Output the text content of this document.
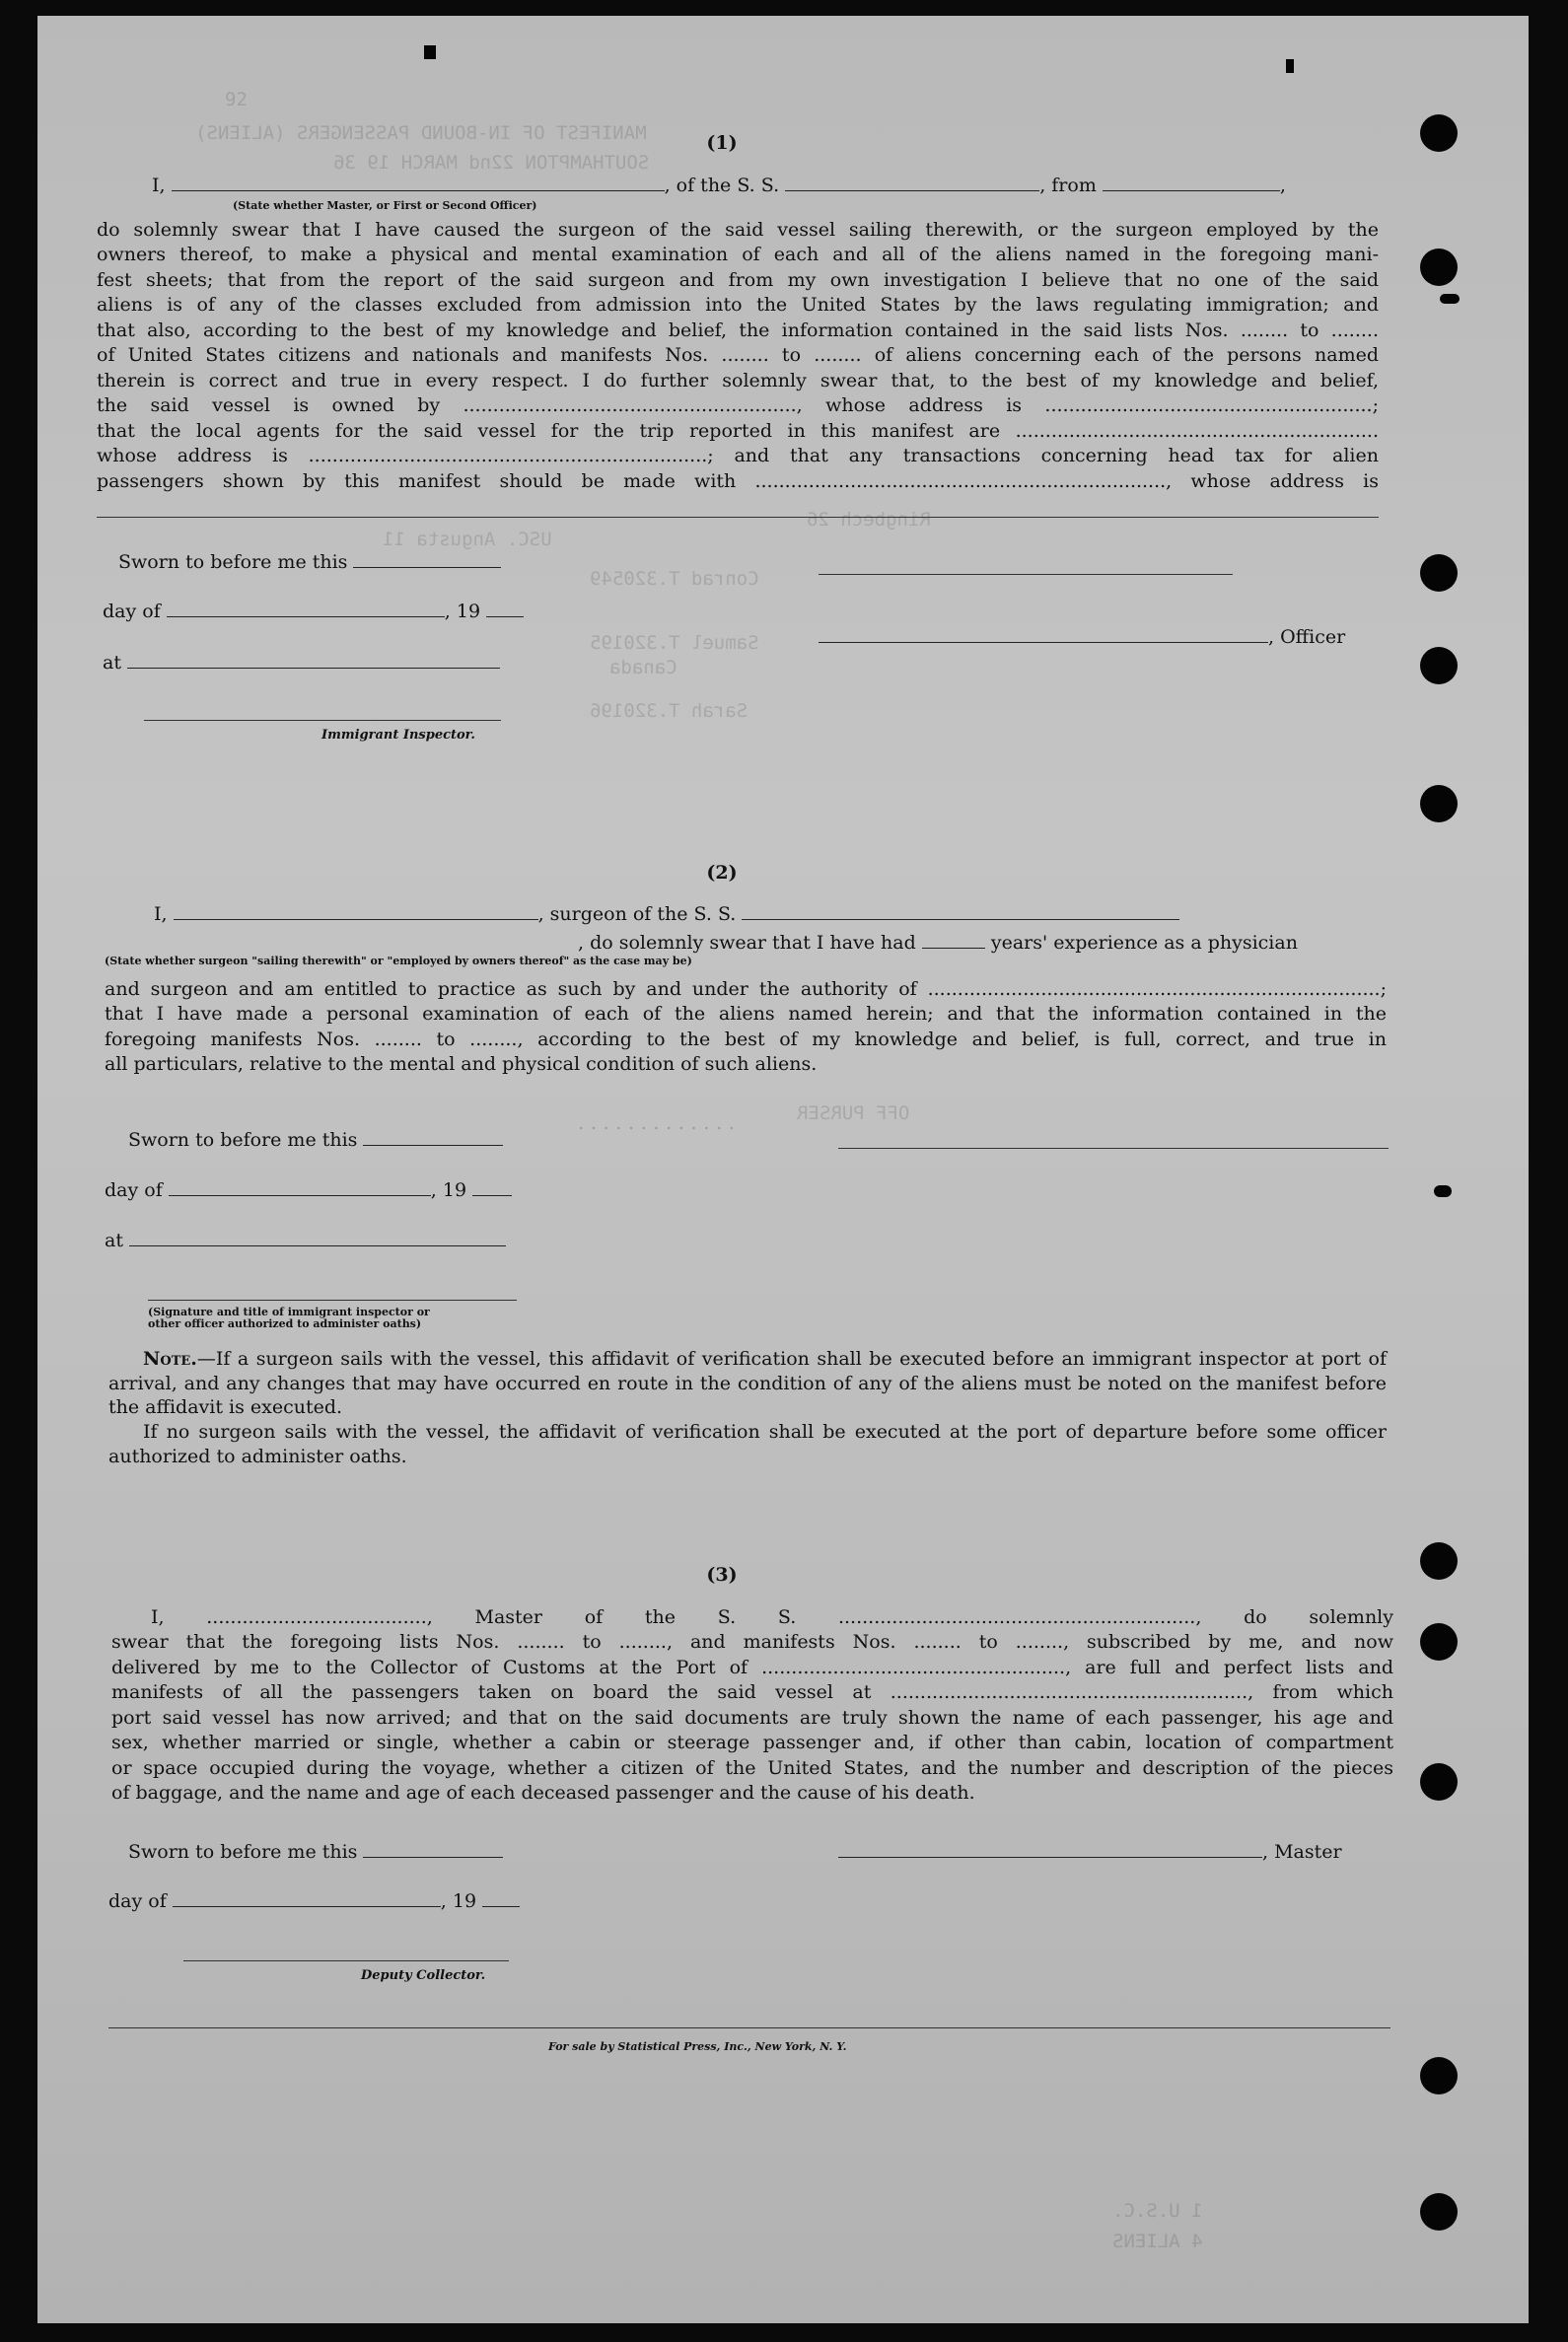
92
MANIFEST OF IN-BOUND PASSENGERS (ALIENS)
SOUTHAMPTON 22nd MARCH 19 36
Ringbech 26
USC. Angusta 11
Conrad T.320549
Canada
Samuel T.320195
Sarah T.320196
OFF PURSER
1 U.S.C.
4 ALIENS
(1)
I,	, of the S. S.	, from	,
(State whether Master, or First or Second Officer)
do solemnly swear that I have caused the surgeon of the said vessel sailing therewith, or the surgeon employed by the
owners thereof, to make a physical and mental examination of each and all of the aliens named in the foregoing mani-
fest sheets; that from the report of the said surgeon and from my own investigation I believe that no one of the said
aliens is of any of the classes excluded from admission into the United States by the laws regulating immigration; and
that also, according to the best of my knowledge and belief, the information contained in the said lists Nos. ........ to ........
of United States citizens and nationals and manifests Nos. ........ to ........ of aliens concerning each of the persons named
therein is correct and true in every respect. I do further solemnly swear that, to the best of my knowledge and belief,
the said vessel is owned by ........................................................, whose address is .......................................................;
that the local agents for the said vessel for the trip reported in this manifest are .............................................................
whose address is ...................................................................; and that any transactions concerning head tax for alien
passengers shown by this manifest should be made with ....................................................................., whose address is
Sworn to before me this
day of	, 19
at
Immigrant Inspector.
, Officer
(2)
I,	, surgeon of the S. S.
, do solemnly swear that I have had	years' experience as a physician
(State whether surgeon "sailing therewith" or "employed by owners thereof" as the case may be)
and surgeon and am entitled to practice as such by and under the authority of ............................................................................;
that I have made a personal examination of each of the aliens named herein; and that the information contained in the
foregoing manifests Nos. ........ to ........, according to the best of my knowledge and belief, is full, correct, and true in
all particulars, relative to the mental and physical condition of such aliens.
Sworn to before me this
. . . . . . . . . . . . .
day of	, 19
at
(Signature and title of immigrant inspector or
other officer authorized to administer oaths)
Note.—If a surgeon sails with the vessel, this affidavit of verification shall be executed before an immigrant inspector at port of arrival, and any changes that may have occurred en route in the condition of any of the aliens must be noted on the manifest before the affidavit is executed.
If no surgeon sails with the vessel, the affidavit of verification shall be executed at the port of departure before some officer authorized to administer oaths.
(3)
I, ....................................., Master of the S. S. ............................................................, do solemnly
swear that the foregoing lists Nos. ........ to ........, and manifests Nos. ........ to ........, subscribed by me, and now
delivered by me to the Collector of Customs at the Port of ..................................................., are full and perfect lists and
manifests of all the passengers taken on board the said vessel at ............................................................, from which
port said vessel has now arrived; and that on the said documents are truly shown the name of each passenger, his age and
sex, whether married or single, whether a cabin or steerage passenger and, if other than cabin, location of compartment
or space occupied during the voyage, whether a citizen of the United States, and the number and description of the pieces
of baggage, and the name and age of each deceased passenger and the cause of his death.
Sworn to before me this	, Master
day of	, 19
Deputy Collector.
For sale by Statistical Press, Inc., New York, N. Y.
